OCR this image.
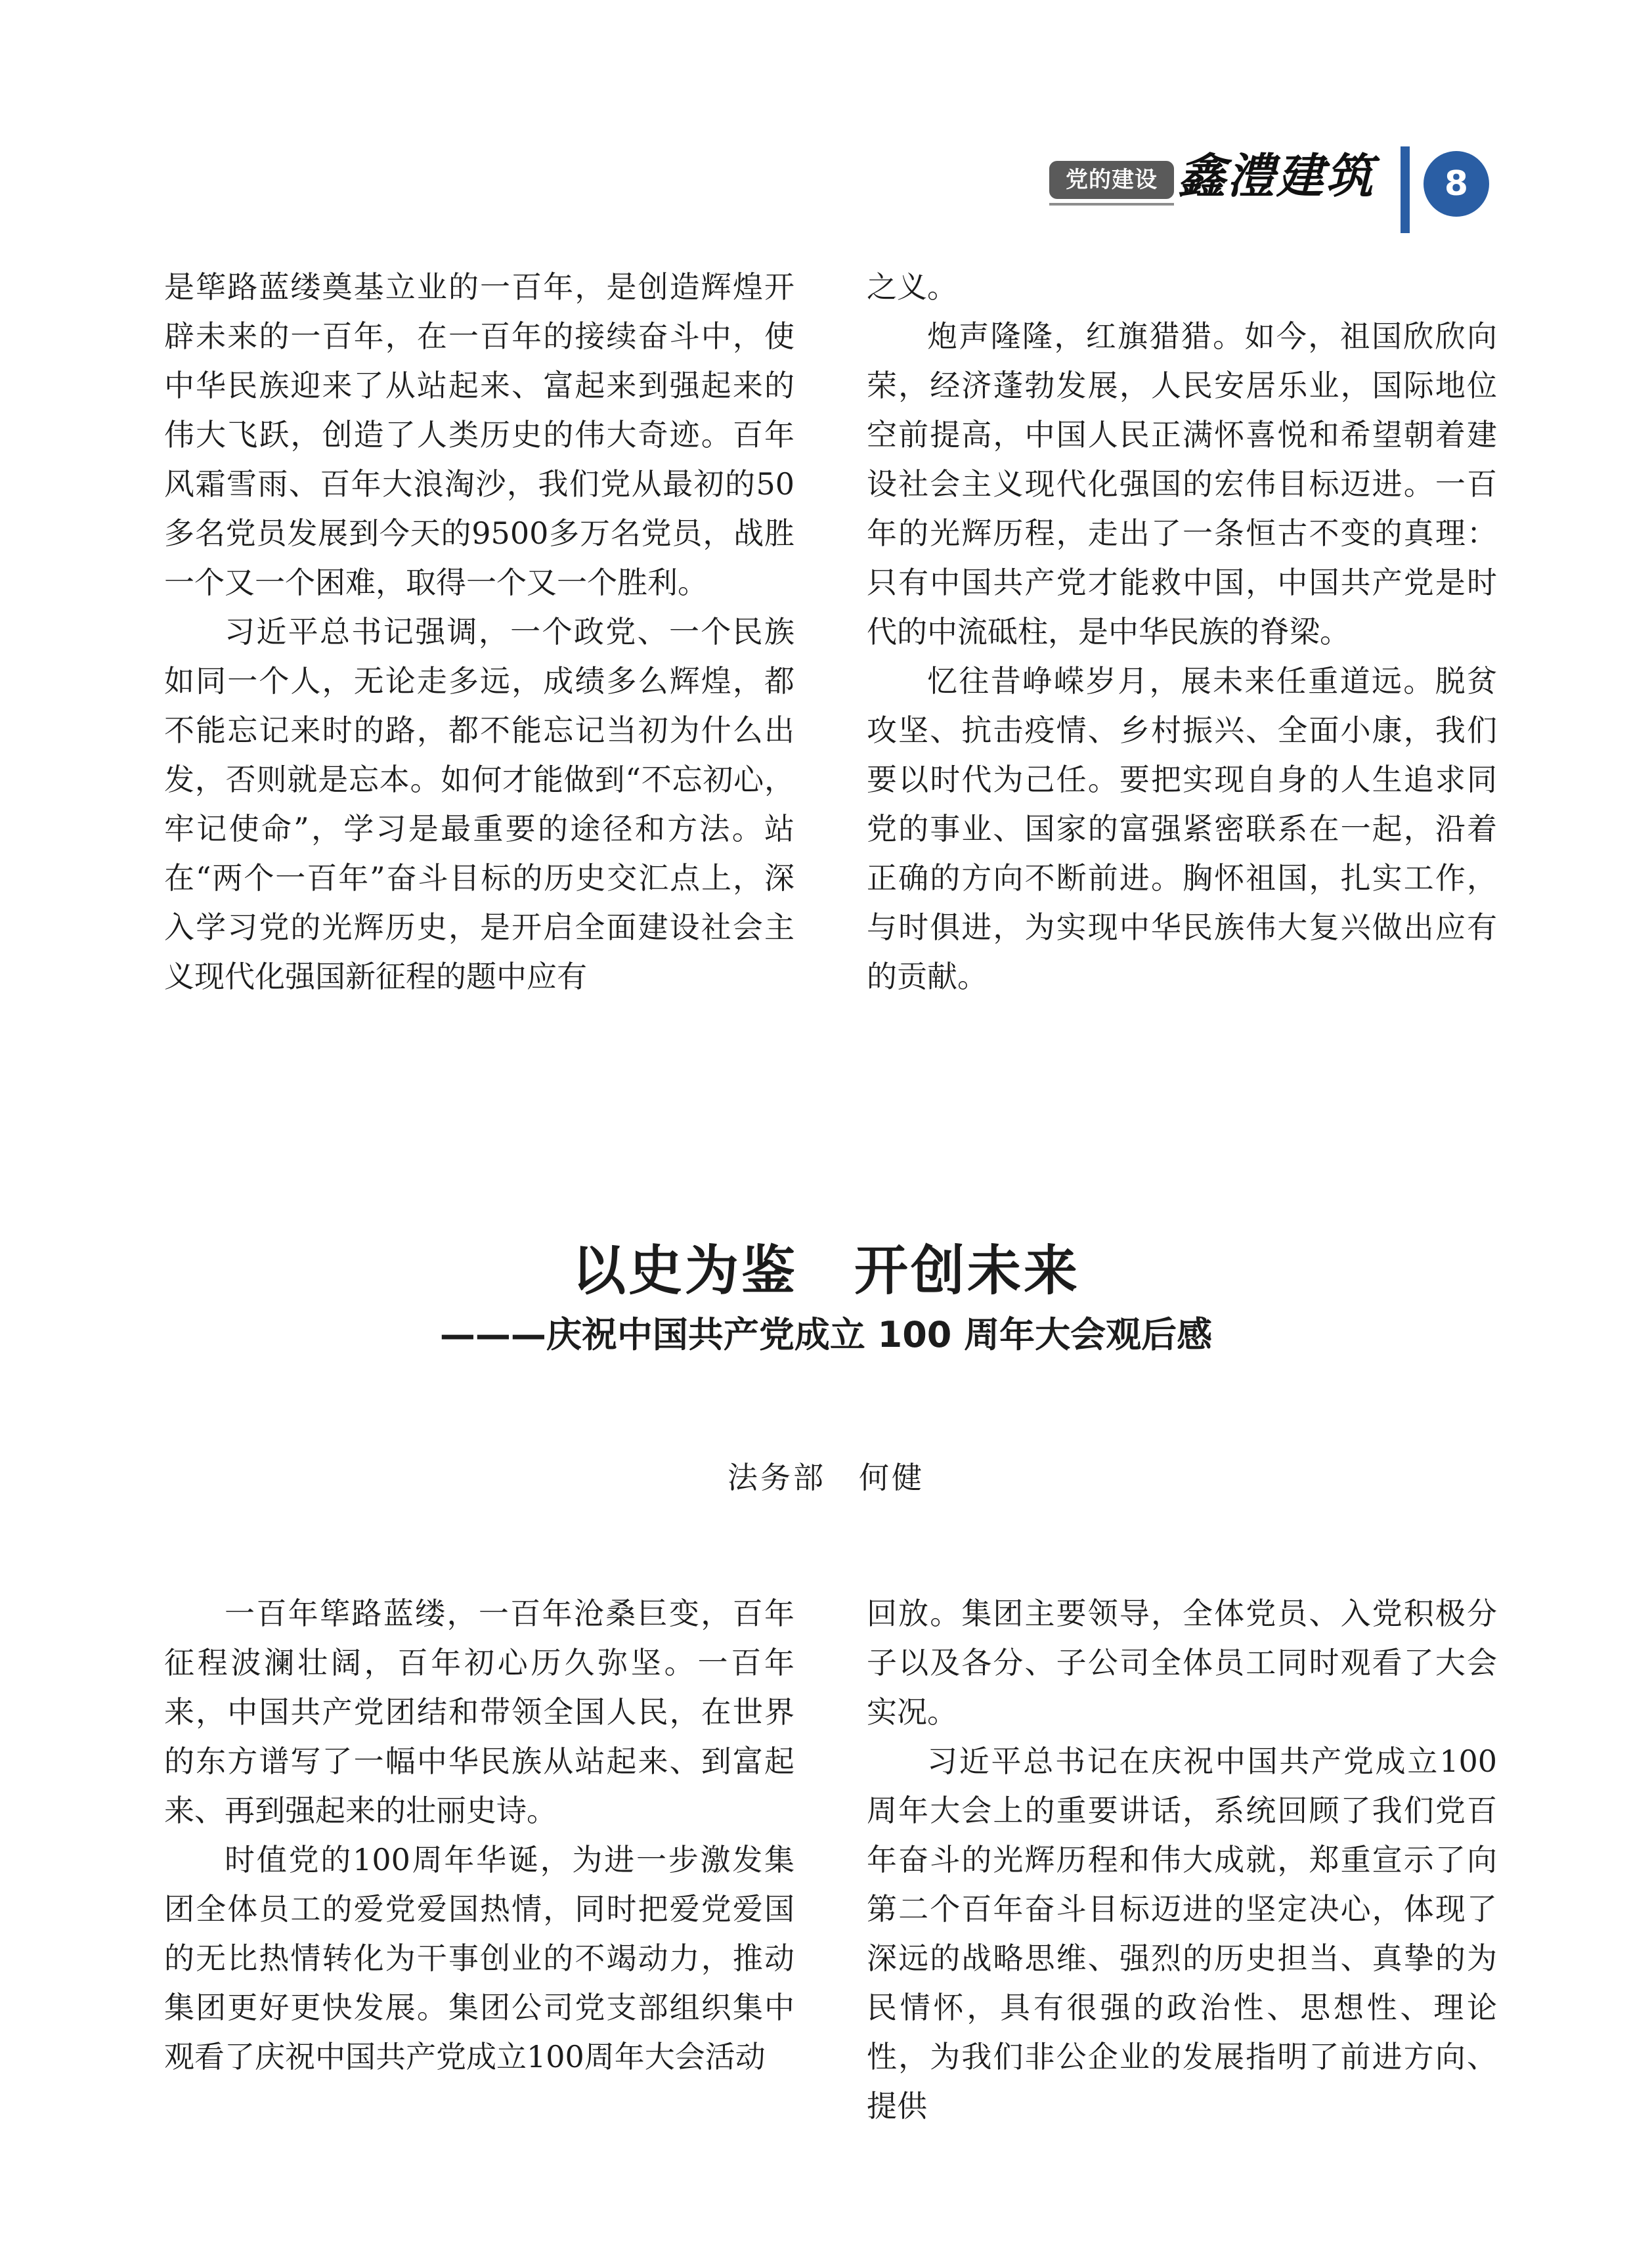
党的建设 鑫澧建筑	8

是筚路蓝缕奠基立业的一百年，是创造辉煌开辟未来的一百年，在一百年的接续奋斗中，使中华民族迎来了从站起来、富起来到强起来的伟大飞跃，创造了人类历史的伟大奇迹。百年风霜雪雨、百年大浪淘沙，我们党从最初的50多名党员发展到今天的9500多万名党员，战胜一个又一个困难，取得一个又一个胜利。

习近平总书记强调，一个政党、一个民族如同一个人，无论走多远，成绩多么辉煌，都不能忘记来时的路，都不能忘记当初为什么出发，否则就是忘本。如何才能做到“不忘初心，牢记使命”，学习是最重要的途径和方法。站在“两个一百年”奋斗目标的历史交汇点上，深入学习党的光辉历史，是开启全面建设社会主义现代化强国新征程的题中应有

之义。

炮声隆隆，红旗猎猎。如今，祖国欣欣向荣，经济蓬勃发展，人民安居乐业，国际地位空前提高，中国人民正满怀喜悦和希望朝着建设社会主义现代化强国的宏伟目标迈进。一百年的光辉历程，走出了一条恒古不变的真理：只有中国共产党才能救中国，中国共产党是时代的中流砥柱，是中华民族的脊梁。

忆往昔峥嵘岁月，展未来任重道远。脱贫攻坚、抗击疫情、乡村振兴、全面小康，我们要以时代为己任。要把实现自身的人生追求同党的事业、国家的富强紧密联系在一起，沿着正确的方向不断前进。胸怀祖国，扎实工作，与时俱进，为实现中华民族伟大复兴做出应有的贡献。

以史为鉴　开创未来
———庆祝中国共产党成立 100 周年大会观后感

法务部　何健

一百年筚路蓝缕，一百年沧桑巨变，百年征程波澜壮阔，百年初心历久弥坚。一百年来，中国共产党团结和带领全国人民，在世界的东方谱写了一幅中华民族从站起来、到富起来、再到强起来的壮丽史诗。

时值党的100周年华诞，为进一步激发集团全体员工的爱党爱国热情，同时把爱党爱国的无比热情转化为干事创业的不竭动力，推动集团更好更快发展。集团公司党支部组织集中观看了庆祝中国共产党成立100周年大会活动

回放。集团主要领导，全体党员、入党积极分子以及各分、子公司全体员工同时观看了大会实况。

习近平总书记在庆祝中国共产党成立100周年大会上的重要讲话，系统回顾了我们党百年奋斗的光辉历程和伟大成就，郑重宣示了向第二个百年奋斗目标迈进的坚定决心，体现了深远的战略思维、强烈的历史担当、真挚的为民情怀，具有很强的政治性、思想性、理论性，为我们非公企业的发展指明了前进方向、提供
